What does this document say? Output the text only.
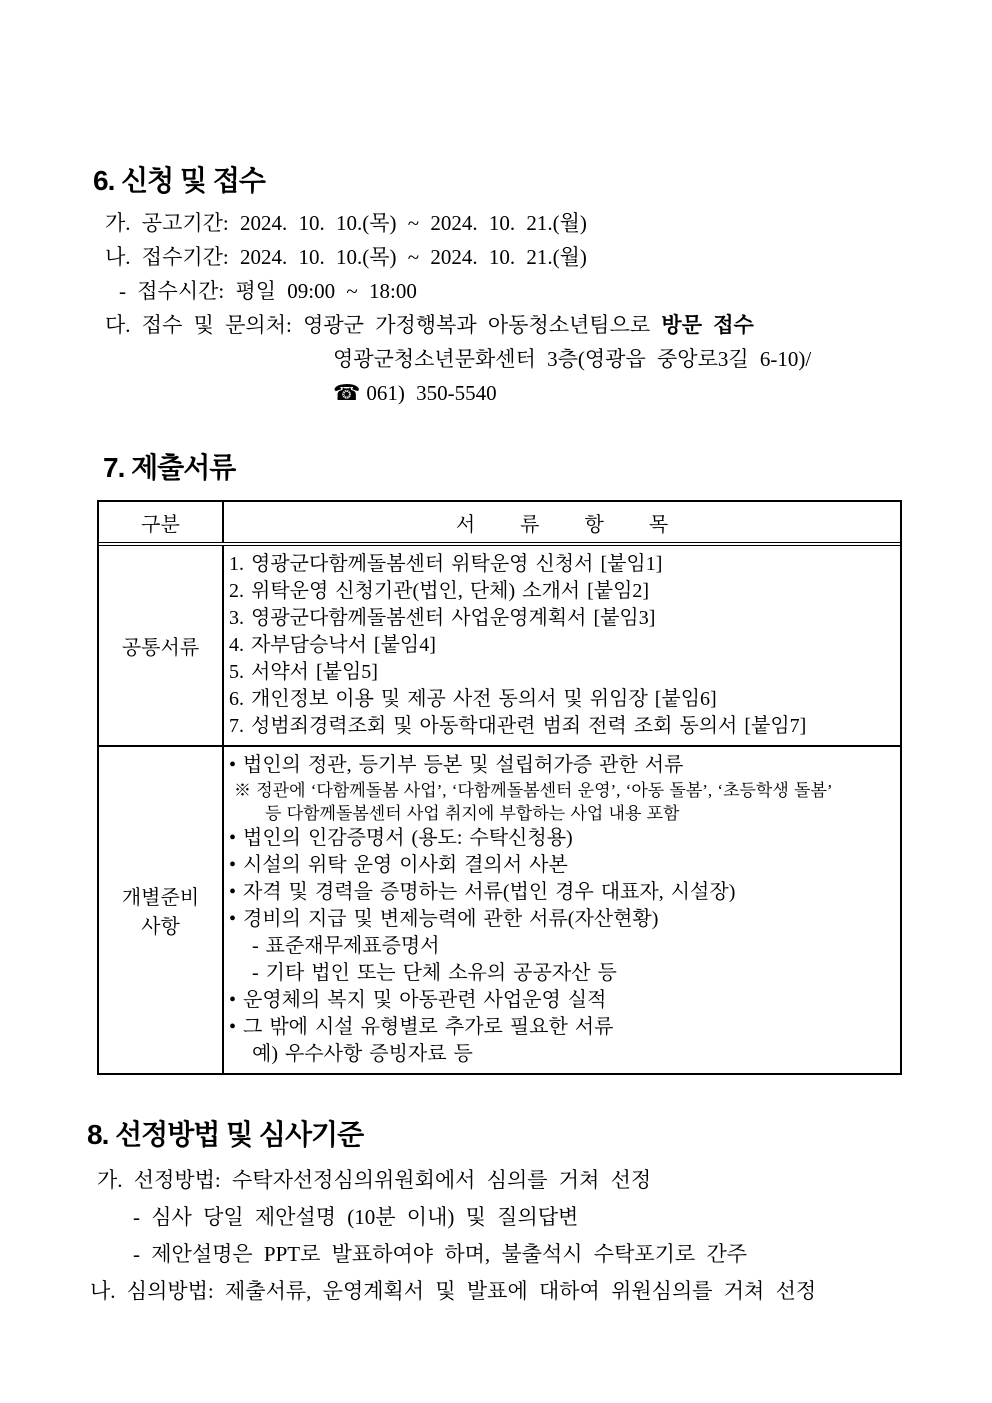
6. 신청 및 접수
가. 공고기간: 2024. 10. 10.(목) ~ 2024. 10. 21.(월)
나. 접수기간: 2024. 10. 10.(목) ~ 2024. 10. 21.(월)
- 접수시간: 평일 09:00 ~ 18:00
다. 접수 및 문의처: 영광군 가정행복과 아동청소년팀으로 방문 접수
영광군청소년문화센터 3층(영광읍 중앙로3길 6-10)/
☎ 061) 350-5540
7. 제출서류
구분	서 류 항 목
공통서류
1. 영광군다함께돌봄센터 위탁운영 신청서 [붙임1]
2. 위탁운영 신청기관(법인, 단체) 소개서 [붙임2]
3. 영광군다함께돌봄센터 사업운영계획서 [붙임3]
4. 자부담승낙서 [붙임4]
5. 서약서 [붙임5]
6. 개인정보 이용 및 제공 사전 동의서 및 위임장 [붙임6]
7. 성범죄경력조회 및 아동학대관련 범죄 전력 조회 동의서 [붙임7]
개별준비
사항
• 법인의 정관, 등기부 등본 및 설립허가증 관한 서류
※ 정관에 ‘다함께돌봄 사업’, ‘다함께돌봄센터 운영’, ‘아동 돌봄’, ‘초등학생 돌봄’
등 다함께돌봄센터 사업 취지에 부합하는 사업 내용 포함
• 법인의 인감증명서 (용도: 수탁신청용)
• 시설의 위탁 운영 이사회 결의서 사본
• 자격 및 경력을 증명하는 서류(법인 경우 대표자, 시설장)
• 경비의 지급 및 변제능력에 관한 서류(자산현황)
- 표준재무제표증명서
- 기타 법인 또는 단체 소유의 공공자산 등
• 운영체의 복지 및 아동관련 사업운영 실적
• 그 밖에 시설 유형별로 추가로 필요한 서류
예) 우수사항 증빙자료 등
8. 선정방법 및 심사기준
가. 선정방법: 수탁자선정심의위원회에서 심의를 거쳐 선정
- 심사 당일 제안설명 (10분 이내) 및 질의답변
- 제안설명은 PPT로 발표하여야 하며, 불출석시 수탁포기로 간주
나. 심의방법: 제출서류, 운영계획서 및 발표에 대하여 위원심의를 거쳐 선정
